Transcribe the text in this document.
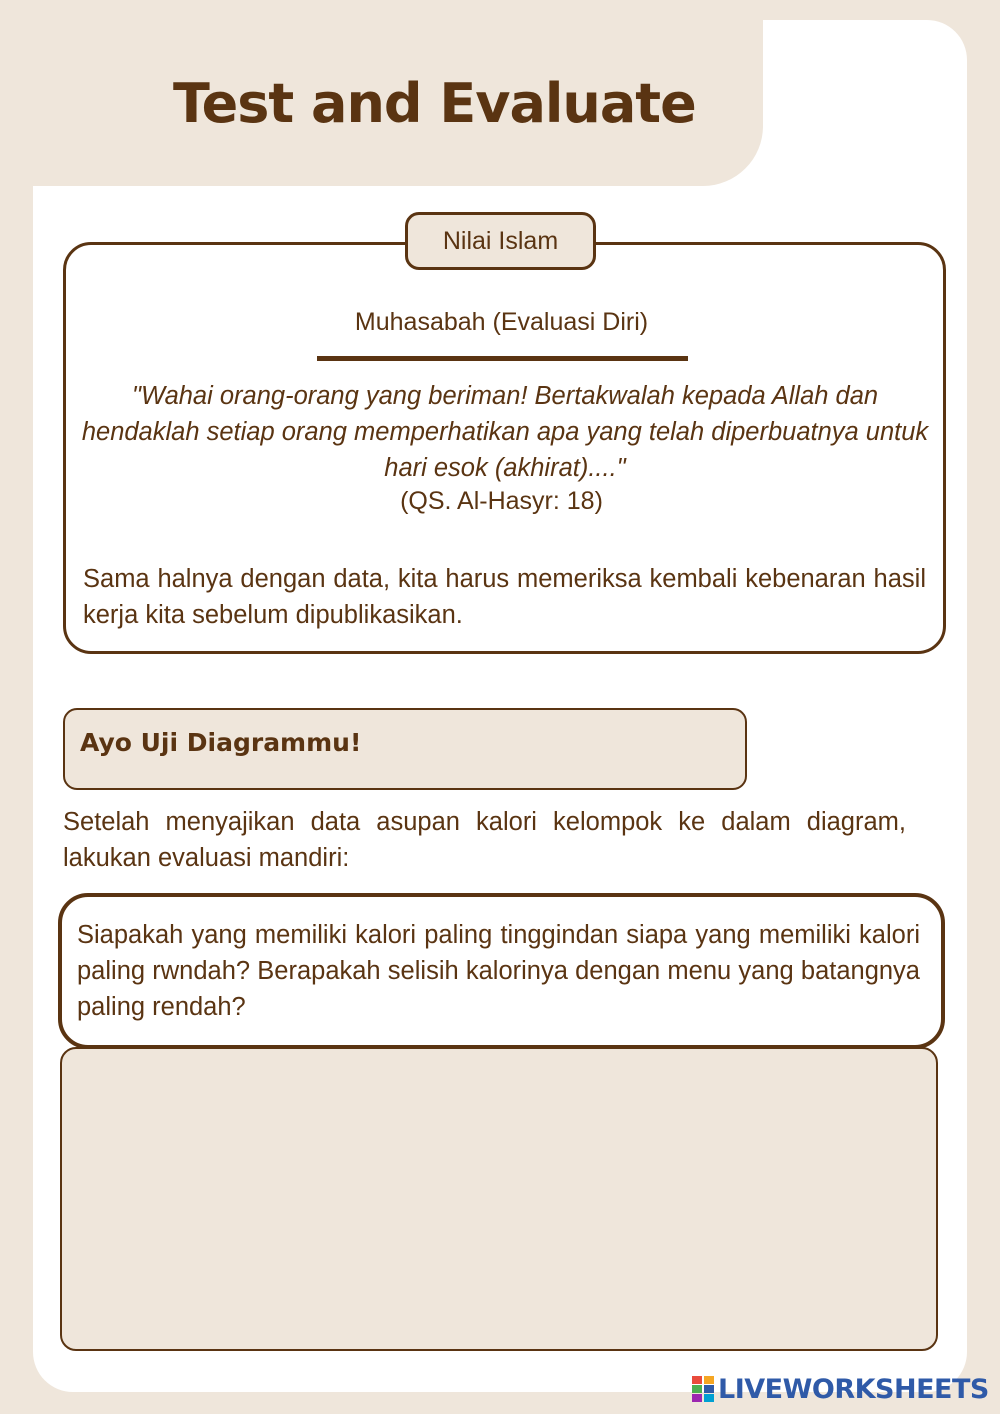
Test and Evaluate
Nilai Islam
Muhasabah (Evaluasi Diri)
"Wahai orang-orang yang beriman! Bertakwalah kepada Allah dan hendaklah setiap orang memperhatikan apa yang telah diperbuatnya untuk hari esok (akhirat)...."
(QS. Al-Hasyr: 18)
Sama halnya dengan data, kita harus memeriksa kembali kebenaran hasil kerja kita sebelum dipublikasikan.
Ayo Uji Diagrammu!
Setelah menyajikan data asupan kalori kelompok ke dalam diagram, lakukan evaluasi mandiri:
Siapakah yang memiliki kalori paling tinggindan siapa yang memiliki kalori paling rwndah? Berapakah selisih kalorinya dengan menu yang batangnya paling rendah?
LIVEWORKSHEETS
